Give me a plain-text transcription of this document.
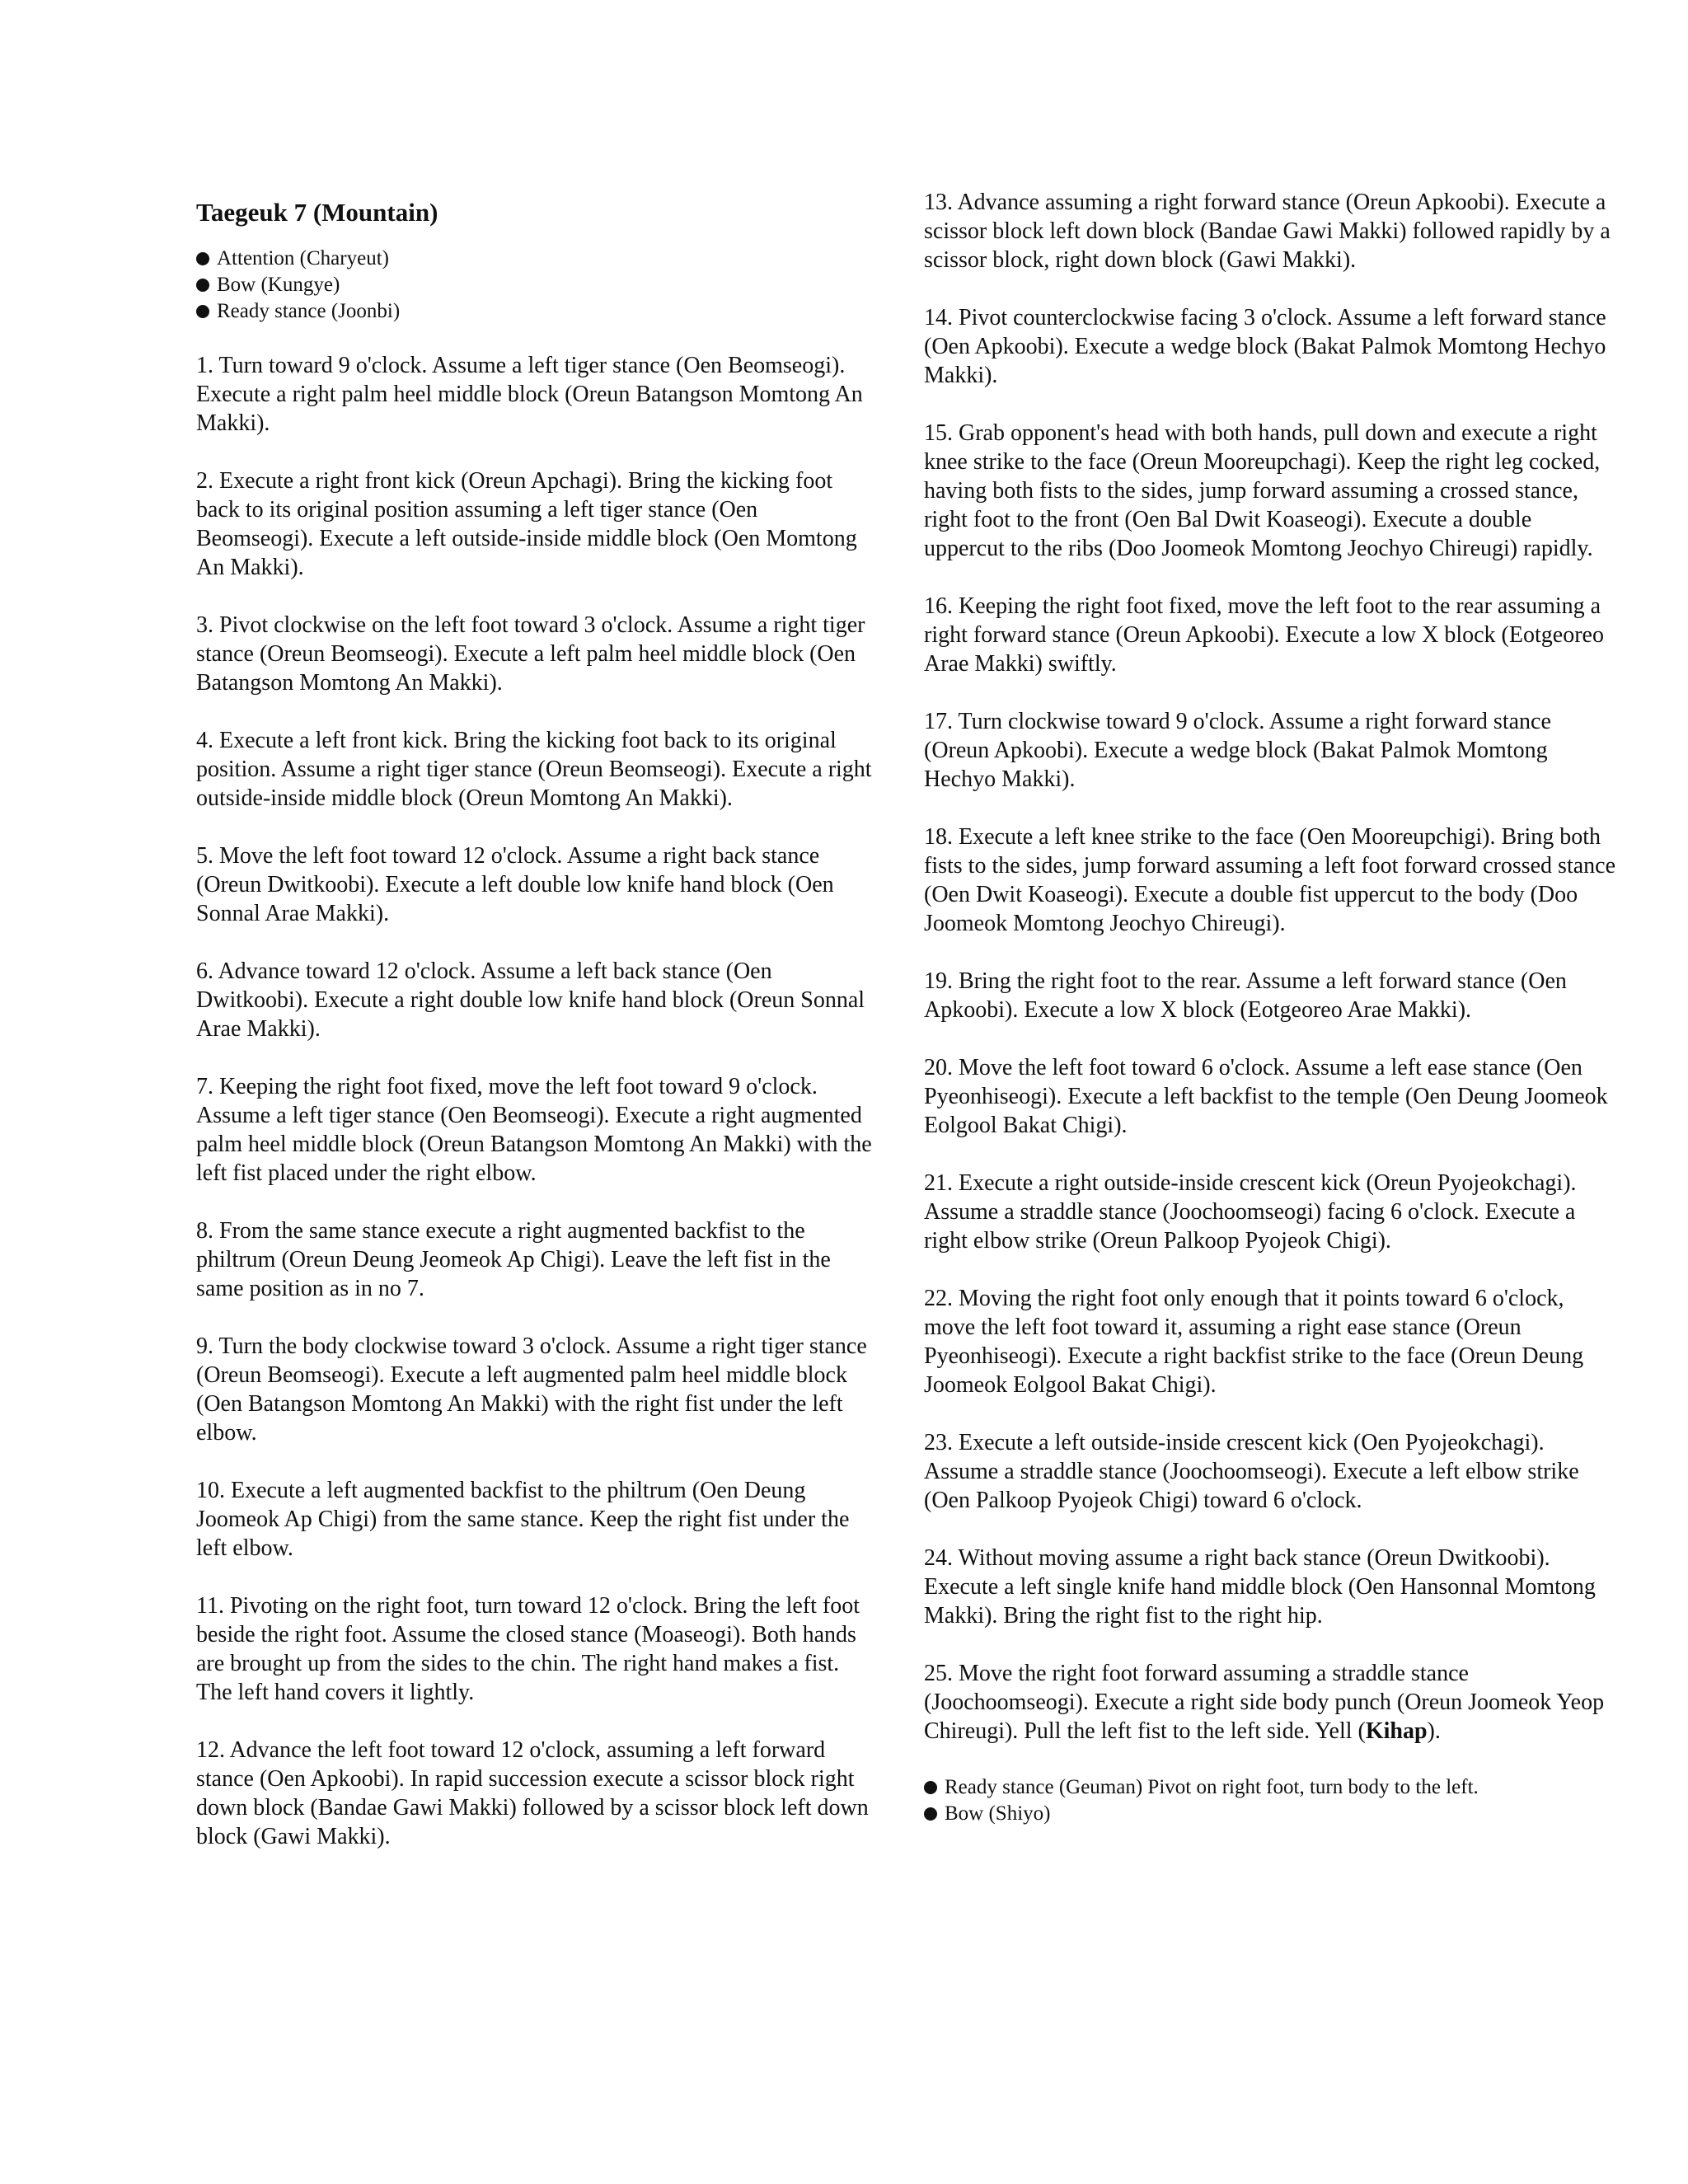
Taegeuk 7 (Mountain)
Attention (Charyeut)
Bow (Kungye)
Ready stance (Joonbi)

1. Turn toward 9 o'clock. Assume a left tiger stance (Oen Beomseogi). Execute a right palm heel middle block (Oreun Batangson Momtong An Makki).

2. Execute a right front kick (Oreun Apchagi). Bring the kicking foot back to its original position assuming a left tiger stance (Oen Beomseogi). Execute a left outside-inside middle block (Oen Momtong An Makki).

3. Pivot clockwise on the left foot toward 3 o'clock. Assume a right tiger stance (Oreun Beomseogi). Execute a left palm heel middle block (Oen Batangson Momtong An Makki).

4. Execute a left front kick. Bring the kicking foot back to its original position. Assume a right tiger stance (Oreun Beomseogi). Execute a right outside-inside middle block (Oreun Momtong An Makki).

5. Move the left foot toward 12 o'clock. Assume a right back stance (Oreun Dwitkoobi). Execute a left double low knife hand block (Oen Sonnal Arae Makki).

6. Advance toward 12 o'clock. Assume a left back stance (Oen Dwitkoobi). Execute a right double low knife hand block (Oreun Sonnal Arae Makki).

7. Keeping the right foot fixed, move the left foot toward 9 o'clock. Assume a left tiger stance (Oen Beomseogi). Execute a right augmented palm heel middle block (Oreun Batangson Momtong An Makki) with the left fist placed under the right elbow.

8. From the same stance execute a right augmented backfist to the philtrum (Oreun Deung Jeomeok Ap Chigi). Leave the left fist in the same position as in no 7.

9. Turn the body clockwise toward 3 o'clock. Assume a right tiger stance (Oreun Beomseogi). Execute a left augmented palm heel middle block (Oen Batangson Momtong An Makki) with the right fist under the left elbow.

10. Execute a left augmented backfist to the philtrum (Oen Deung Joomeok Ap Chigi) from the same stance. Keep the right fist under the left elbow.

11. Pivoting on the right foot, turn toward 12 o'clock. Bring the left foot beside the right foot. Assume the closed stance (Moaseogi). Both hands are brought up from the sides to the chin. The right hand makes a fist. The left hand covers it lightly.

12. Advance the left foot toward 12 o'clock, assuming a left forward stance (Oen Apkoobi). In rapid succession execute a scissor block right down block (Bandae Gawi Makki) followed by a scissor block left down block (Gawi Makki).

13. Advance assuming a right forward stance (Oreun Apkoobi). Execute a scissor block left down block (Bandae Gawi Makki) followed rapidly by a scissor block, right down block (Gawi Makki).

14. Pivot counterclockwise facing 3 o'clock. Assume a left forward stance (Oen Apkoobi). Execute a wedge block (Bakat Palmok Momtong Hechyo Makki).

15. Grab opponent's head with both hands, pull down and execute a right knee strike to the face (Oreun Mooreupchagi). Keep the right leg cocked, having both fists to the sides, jump forward assuming a crossed stance, right foot to the front (Oen Bal Dwit Koaseogi). Execute a double uppercut to the ribs (Doo Joomeok Momtong Jeochyo Chireugi) rapidly.

16. Keeping the right foot fixed, move the left foot to the rear assuming a right forward stance (Oreun Apkoobi). Execute a low X block (Eotgeoreo Arae Makki) swiftly.

17. Turn clockwise toward 9 o'clock. Assume a right forward stance (Oreun Apkoobi). Execute a wedge block (Bakat Palmok Momtong Hechyo Makki).

18. Execute a left knee strike to the face (Oen Mooreupchigi). Bring both fists to the sides, jump forward assuming a left foot forward crossed stance (Oen Dwit Koaseogi). Execute a double fist uppercut to the body (Doo Joomeok Momtong Jeochyo Chireugi).

19. Bring the right foot to the rear. Assume a left forward stance (Oen Apkoobi). Execute a low X block (Eotgeoreo Arae Makki).

20. Move the left foot toward 6 o'clock. Assume a left ease stance (Oen Pyeonhiseogi). Execute a left backfist to the temple (Oen Deung Joomeok Eolgool Bakat Chigi).

21. Execute a right outside-inside crescent kick (Oreun Pyojeokchagi). Assume a straddle stance (Joochoomseogi) facing 6 o'clock. Execute a right elbow strike (Oreun Palkoop Pyojeok Chigi).

22. Moving the right foot only enough that it points toward 6 o'clock, move the left foot toward it, assuming a right ease stance (Oreun Pyeonhiseogi). Execute a right backfist strike to the face (Oreun Deung Joomeok Eolgool Bakat Chigi).

23. Execute a left outside-inside crescent kick (Oen Pyojeokchagi). Assume a straddle stance (Joochoomseogi). Execute a left elbow strike (Oen Palkoop Pyojeok Chigi) toward 6 o'clock.

24. Without moving assume a right back stance (Oreun Dwitkoobi). Execute a left single knife hand middle block (Oen Hansonnal Momtong Makki). Bring the right fist to the right hip.

25. Move the right foot forward assuming a straddle stance (Joochoomseogi). Execute a right side body punch (Oreun Joomeok Yeop Chireugi). Pull the left fist to the left side. Yell (Kihap).

Ready stance (Geuman) Pivot on right foot, turn body to the left.
Bow (Shiyo)
